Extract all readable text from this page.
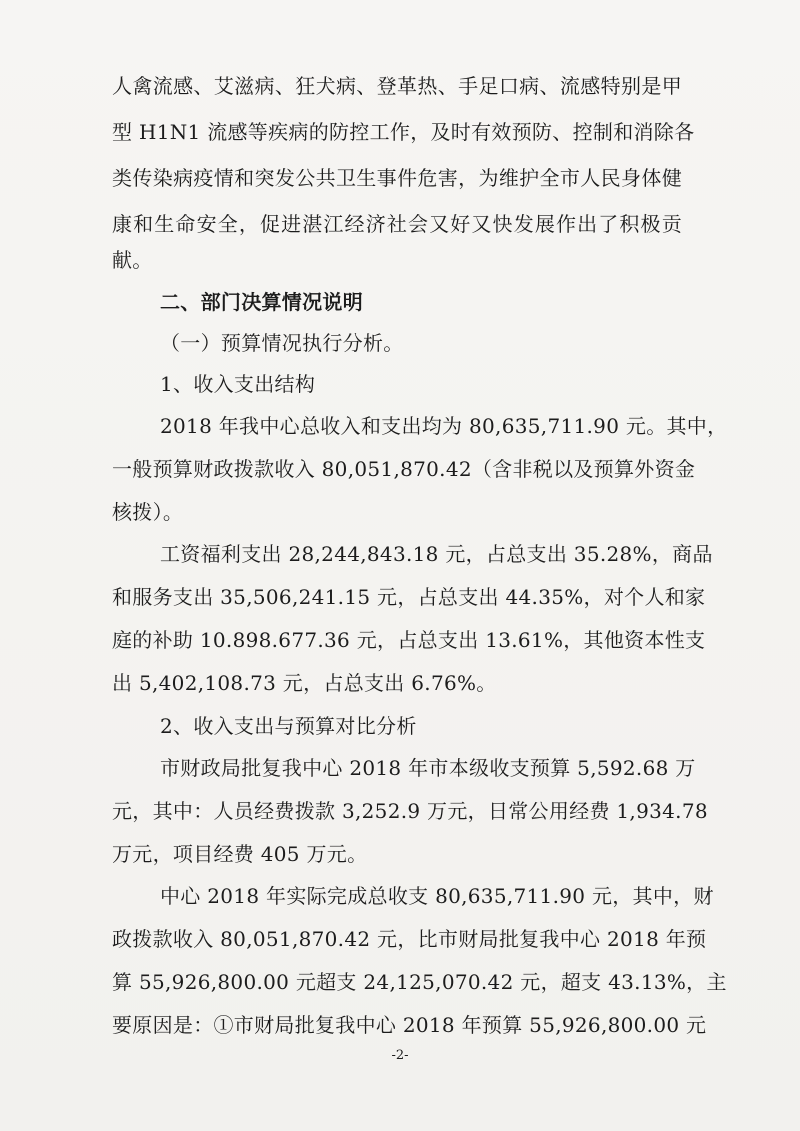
人禽流感、艾滋病、狂犬病、登革热、手足口病、流感特别是甲
型 H1N1 流感等疾病的防控工作，及时有效预防、控制和消除各
类传染病疫情和突发公共卫生事件危害，为维护全市人民身体健
康和生命安全，促进湛江经济社会又好又快发展作出了积极贡
献。
二、部门决算情况说明
（一）预算情况执行分析。
1、收入支出结构
2018 年我中心总收入和支出均为 80,635,711.90 元。其中，
一般预算财政拨款收入 80,051,870.42（含非税以及预算外资金
核拨）。
工资福利支出 28,244,843.18 元，占总支出 35.28%，商品
和服务支出 35,506,241.15 元，占总支出 44.35%，对个人和家
庭的补助 10.898.677.36 元，占总支出 13.61%，其他资本性支
出 5,402,108.73 元，占总支出 6.76%。
2、收入支出与预算对比分析
市财政局批复我中心 2018 年市本级收支预算 5,592.68 万
元，其中：人员经费拨款 3,252.9 万元，日常公用经费 1,934.78
万元，项目经费 405 万元。
中心 2018 年实际完成总收支 80,635,711.90 元，其中，财
政拨款收入 80,051,870.42 元，比市财局批复我中心 2018 年预
算 55,926,800.00 元超支 24,125,070.42 元，超支 43.13%，主
要原因是：①市财局批复我中心 2018 年预算 55,926,800.00 元
-2-
